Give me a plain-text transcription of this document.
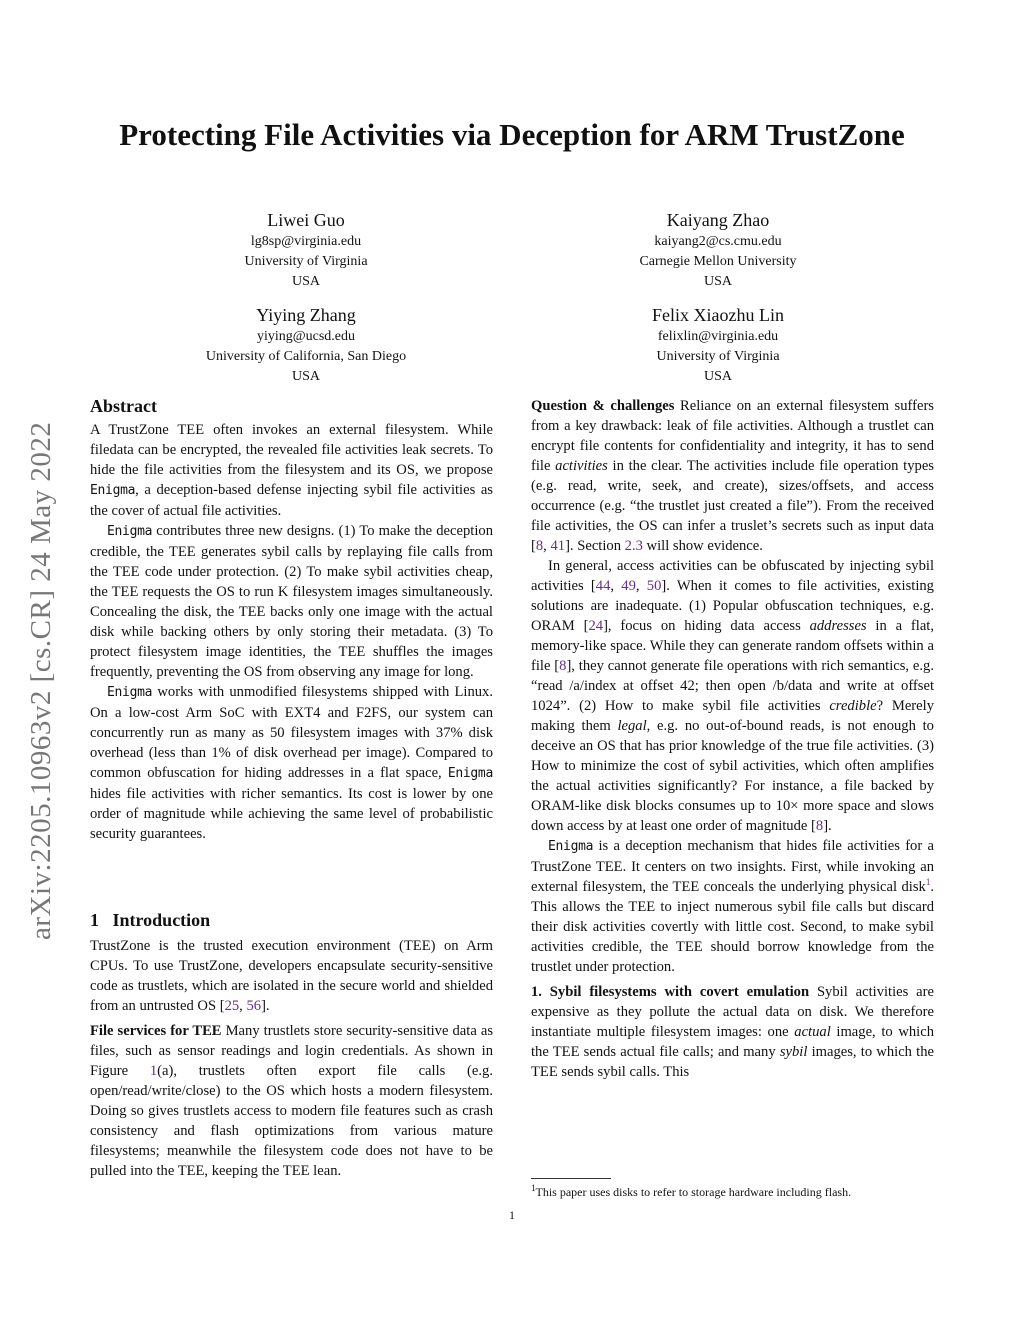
arXiv:2205.10963v2 [cs.CR] 24 May 2022
Protecting File Activities via Deception for ARM TrustZone
Liwei Guo
lg8sp@virginia.edu
University of Virginia
USA
Kaiyang Zhao
kaiyang2@cs.cmu.edu
Carnegie Mellon University
USA
Yiying Zhang
yiying@ucsd.edu
University of California, San Diego
USA
Felix Xiaozhu Lin
felixlin@virginia.edu
University of Virginia
USA
Abstract

A TrustZone TEE often invokes an external filesystem. While filedata can be encrypted, the revealed file activities leak secrets. To hide the file activities from the filesystem and its OS, we propose Enigma, a deception-based defense injecting sybil file activities as the cover of actual file activities.

Enigma contributes three new designs. (1) To make the deception credible, the TEE generates sybil calls by replaying file calls from the TEE code under protection. (2) To make sybil activities cheap, the TEE requests the OS to run K filesystem images simultaneously. Concealing the disk, the TEE backs only one image with the actual disk while backing others by only storing their metadata. (3) To protect filesystem image identities, the TEE shuffles the images frequently, preventing the OS from observing any image for long.

Enigma works with unmodified filesystems shipped with Linux. On a low-cost Arm SoC with EXT4 and F2FS, our system can concurrently run as many as 50 filesystem images with 37% disk overhead (less than 1% of disk overhead per image). Compared to common obfuscation for hiding addresses in a flat space, Enigma hides file activities with richer semantics. Its cost is lower by one order of magnitude while achieving the same level of probabilistic security guarantees.

1   Introduction

TrustZone is the trusted execution environment (TEE) on Arm CPUs. To use TrustZone, developers encapsulate security-sensitive code as trustlets, which are isolated in the secure world and shielded from an untrusted OS [25, 56].

File services for TEE Many trustlets store security-sensitive data as files, such as sensor readings and login credentials. As shown in Figure 1(a), trustlets often export file calls (e.g. open/read/write/close) to the OS which hosts a modern filesystem. Doing so gives trustlets access to modern file features such as crash consistency and flash optimizations from various mature filesystems; meanwhile the filesystem code does not have to be pulled into the TEE, keeping the TEE lean.

Question & challenges Reliance on an external filesystem suffers from a key drawback: leak of file activities. Although a trustlet can encrypt file contents for confidentiality and integrity, it has to send file activities in the clear. The activities include file operation types (e.g. read, write, seek, and create), sizes/offsets, and access occurrence (e.g. “the trustlet just created a file”). From the received file activities, the OS can infer a truslet’s secrets such as input data [8, 41]. Section 2.3 will show evidence.

In general, access activities can be obfuscated by injecting sybil activities [44, 49, 50]. When it comes to file activities, existing solutions are inadequate. (1) Popular obfuscation techniques, e.g. ORAM [24], focus on hiding data access addresses in a flat, memory-like space. While they can generate random offsets within a file [8], they cannot generate file operations with rich semantics, e.g. “read /a/index at offset 42; then open /b/data and write at offset 1024”. (2) How to make sybil file activities credible? Merely making them legal, e.g. no out-of-bound reads, is not enough to deceive an OS that has prior knowledge of the true file activities. (3) How to minimize the cost of sybil activities, which often amplifies the actual activities significantly? For instance, a file backed by ORAM-like disk blocks consumes up to 10× more space and slows down access by at least one order of magnitude [8].

Enigma is a deception mechanism that hides file activities for a TrustZone TEE. It centers on two insights. First, while invoking an external filesystem, the TEE conceals the underlying physical disk$^1$. This allows the TEE to inject numerous sybil file calls but discard their disk activities covertly with little cost. Second, to make sybil activities credible, the TEE should borrow knowledge from the trustlet under protection.

1. Sybil filesystems with covert emulation Sybil activities are expensive as they pollute the actual data on disk. We therefore instantiate multiple filesystem images: one actual image, to which the TEE sends actual file calls; and many sybil images, to which the TEE sends sybil calls. This

$^1$This paper uses disks to refer to storage hardware including flash.
1
